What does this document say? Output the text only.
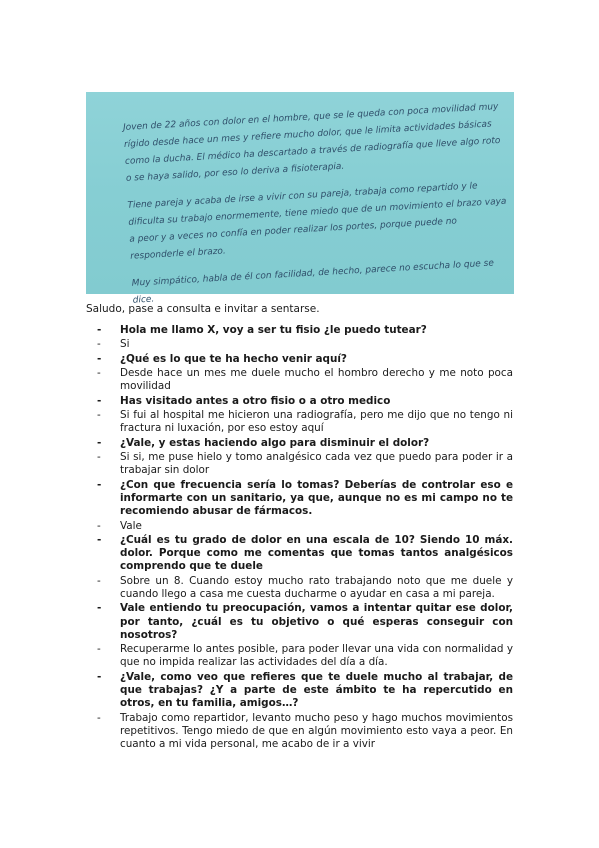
Joven de 22 años con dolor en el hombre, que se le queda con poca movilidad muy rígido desde hace un mes y refiere mucho dolor, que le limita actividades básicas como la ducha. El médico ha descartado a través de radiografía que lleve algo roto o se haya salido, por eso lo deriva a fisioterapia.

Tiene pareja y acaba de irse a vivir con su pareja, trabaja como repartido y le dificulta su trabajo enormemente, tiene miedo que de un movimiento el brazo vaya a peor y a veces no confía en poder realizar los portes, porque puede no responderle el brazo.

Muy simpático, habla de él con facilidad, de hecho, parece no escucha lo que se dice.

Saludo, pase a consulta e invitar a sentarse.

- Hola me llamo X, voy a ser tu fisio ¿le puedo tutear?
- Si
- ¿Qué es lo que te ha hecho venir aquí?
- Desde hace un mes me duele mucho el hombro derecho y me noto poca movilidad
- Has visitado antes a otro fisio o a otro medico
- Si fui al hospital me hicieron una radiografía, pero me dijo que no tengo ni fractura ni luxación, por eso estoy aquí
- ¿Vale, y estas haciendo algo para disminuir el dolor?
- Si si, me puse hielo y tomo analgésico cada vez que puedo para poder ir a trabajar sin dolor
- ¿Con que frecuencia sería lo tomas? Deberías de controlar eso e informarte con un sanitario, ya que, aunque no es mi campo no te recomiendo abusar de fármacos.
- Vale
- ¿Cuál es tu grado de dolor en una escala de 10? Siendo 10 máx. dolor. Porque como me comentas que tomas tantos analgésicos comprendo que te duele
- Sobre un 8. Cuando estoy mucho rato trabajando noto que me duele y cuando llego a casa me cuesta ducharme o ayudar en casa a mi pareja.
- Vale entiendo tu preocupación, vamos a intentar quitar ese dolor, por tanto, ¿cuál es tu objetivo o qué esperas conseguir con nosotros?
- Recuperarme lo antes posible, para poder llevar una vida con normalidad y que no impida realizar las actividades del día a día.
- ¿Vale, como veo que refieres que te duele mucho al trabajar, de que trabajas? ¿Y a parte de este ámbito te ha repercutido en otros, en tu familia, amigos…?
- Trabajo como repartidor, levanto mucho peso y hago muchos movimientos repetitivos. Tengo miedo de que en algún movimiento esto vaya a peor. En cuanto a mi vida personal, me acabo de ir a vivir
